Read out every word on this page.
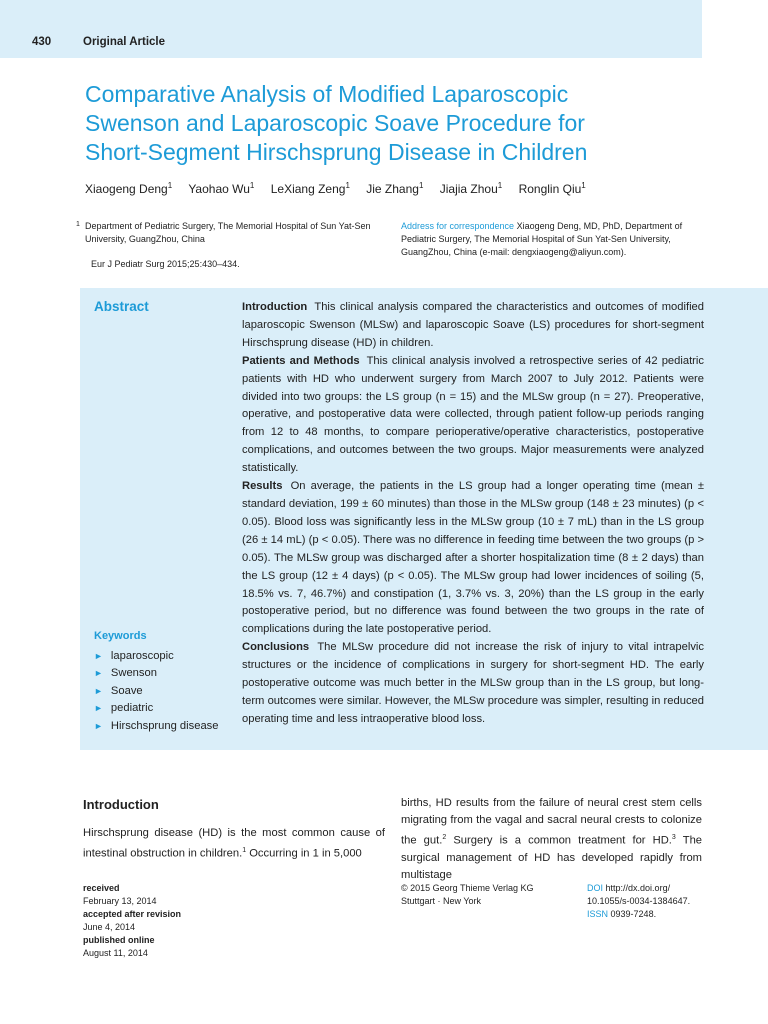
430	Original Article
Comparative Analysis of Modified Laparoscopic
Swenson and Laparoscopic Soave Procedure for
Short-Segment Hirschsprung Disease in Children
Xiaogeng Deng$^1$ Yaohao Wu$^1$ LeXiang Zeng$^1$ Jie Zhang$^1$ Jiajia Zhou$^1$ Ronglin Qiu$^1$
1 Department of Pediatric Surgery, The Memorial Hospital of Sun Yat-Sen University, GuangZhou, China
Eur J Pediatr Surg 2015;25:430–434.
Address for correspondence Xiaogeng Deng, MD, PhD, Department of Pediatric Surgery, The Memorial Hospital of Sun Yat-Sen University, GuangZhou, China (e-mail: dengxiaogeng@aliyun.com).
Abstract	Introduction This clinical analysis compared the characteristics and outcomes of modified laparoscopic Swenson (MLSw) and laparoscopic Soave (LS) procedures for short-segment Hirschsprung disease (HD) in children.

Patients and Methods This clinical analysis involved a retrospective series of 42 pediatric patients with HD who underwent surgery from March 2007 to July 2012. Patients were divided into two groups: the LS group (n = 15) and the MLSw group (n = 27). Preoperative, operative, and postoperative data were collected, through patient follow-up periods ranging from 12 to 48 months, to compare perioperative/operative characteristics, postoperative complications, and outcomes between the two groups. Major measurements were analyzed statistically.

Results On average, the patients in the LS group had a longer operating time (mean ± standard deviation, 199 ± 60 minutes) than those in the MLSw group (148 ± 23 minutes) (p < 0.05). Blood loss was significantly less in the MLSw group (10 ± 7 mL) than in the LS group (26 ± 14 mL) (p < 0.05). There was no difference in feeding time between the two groups (p > 0.05). The MLSw group was discharged after a shorter hospitalization time (8 ± 2 days) than the LS group (12 ± 4 days) (p < 0.05). The MLSw group had lower incidences of soiling (5, 18.5% vs. 7, 46.7%) and constipation (1, 3.7% vs. 3, 20%) than the LS group in the early postoperative period, but no difference was found between the two groups in the rate of complications during the late postoperative period.

Conclusions The MLSw procedure did not increase the risk of injury to vital intrapelvic structures or the incidence of complications in surgery for short-segment HD. The early postoperative outcome was much better in the MLSw group than in the LS group, but long-term outcomes were similar. However, the MLSw procedure was simpler, resulting in reduced operating time and less intraoperative blood loss.

Keywords
► laparoscopic
► Swenson
► Soave
► pediatric
► Hirschsprung disease
Introduction

Hirschsprung disease (HD) is the most common cause of intestinal obstruction in children.$^1$ Occurring in 1 in 5,000

births, HD results from the failure of neural crest stem cells migrating from the vagal and sacral neural crests to colonize the gut.$^2$ Surgery is a common treatment for HD.$^3$ The surgical management of HD has developed rapidly from multistage

received
February 13, 2014
accepted after revision
June 4, 2014
published online
August 11, 2014
© 2015 Georg Thieme Verlag KG
Stuttgart · New York
DOI http://dx.doi.org/
10.1055/s-0034-1384647.
ISSN 0939-7248.
